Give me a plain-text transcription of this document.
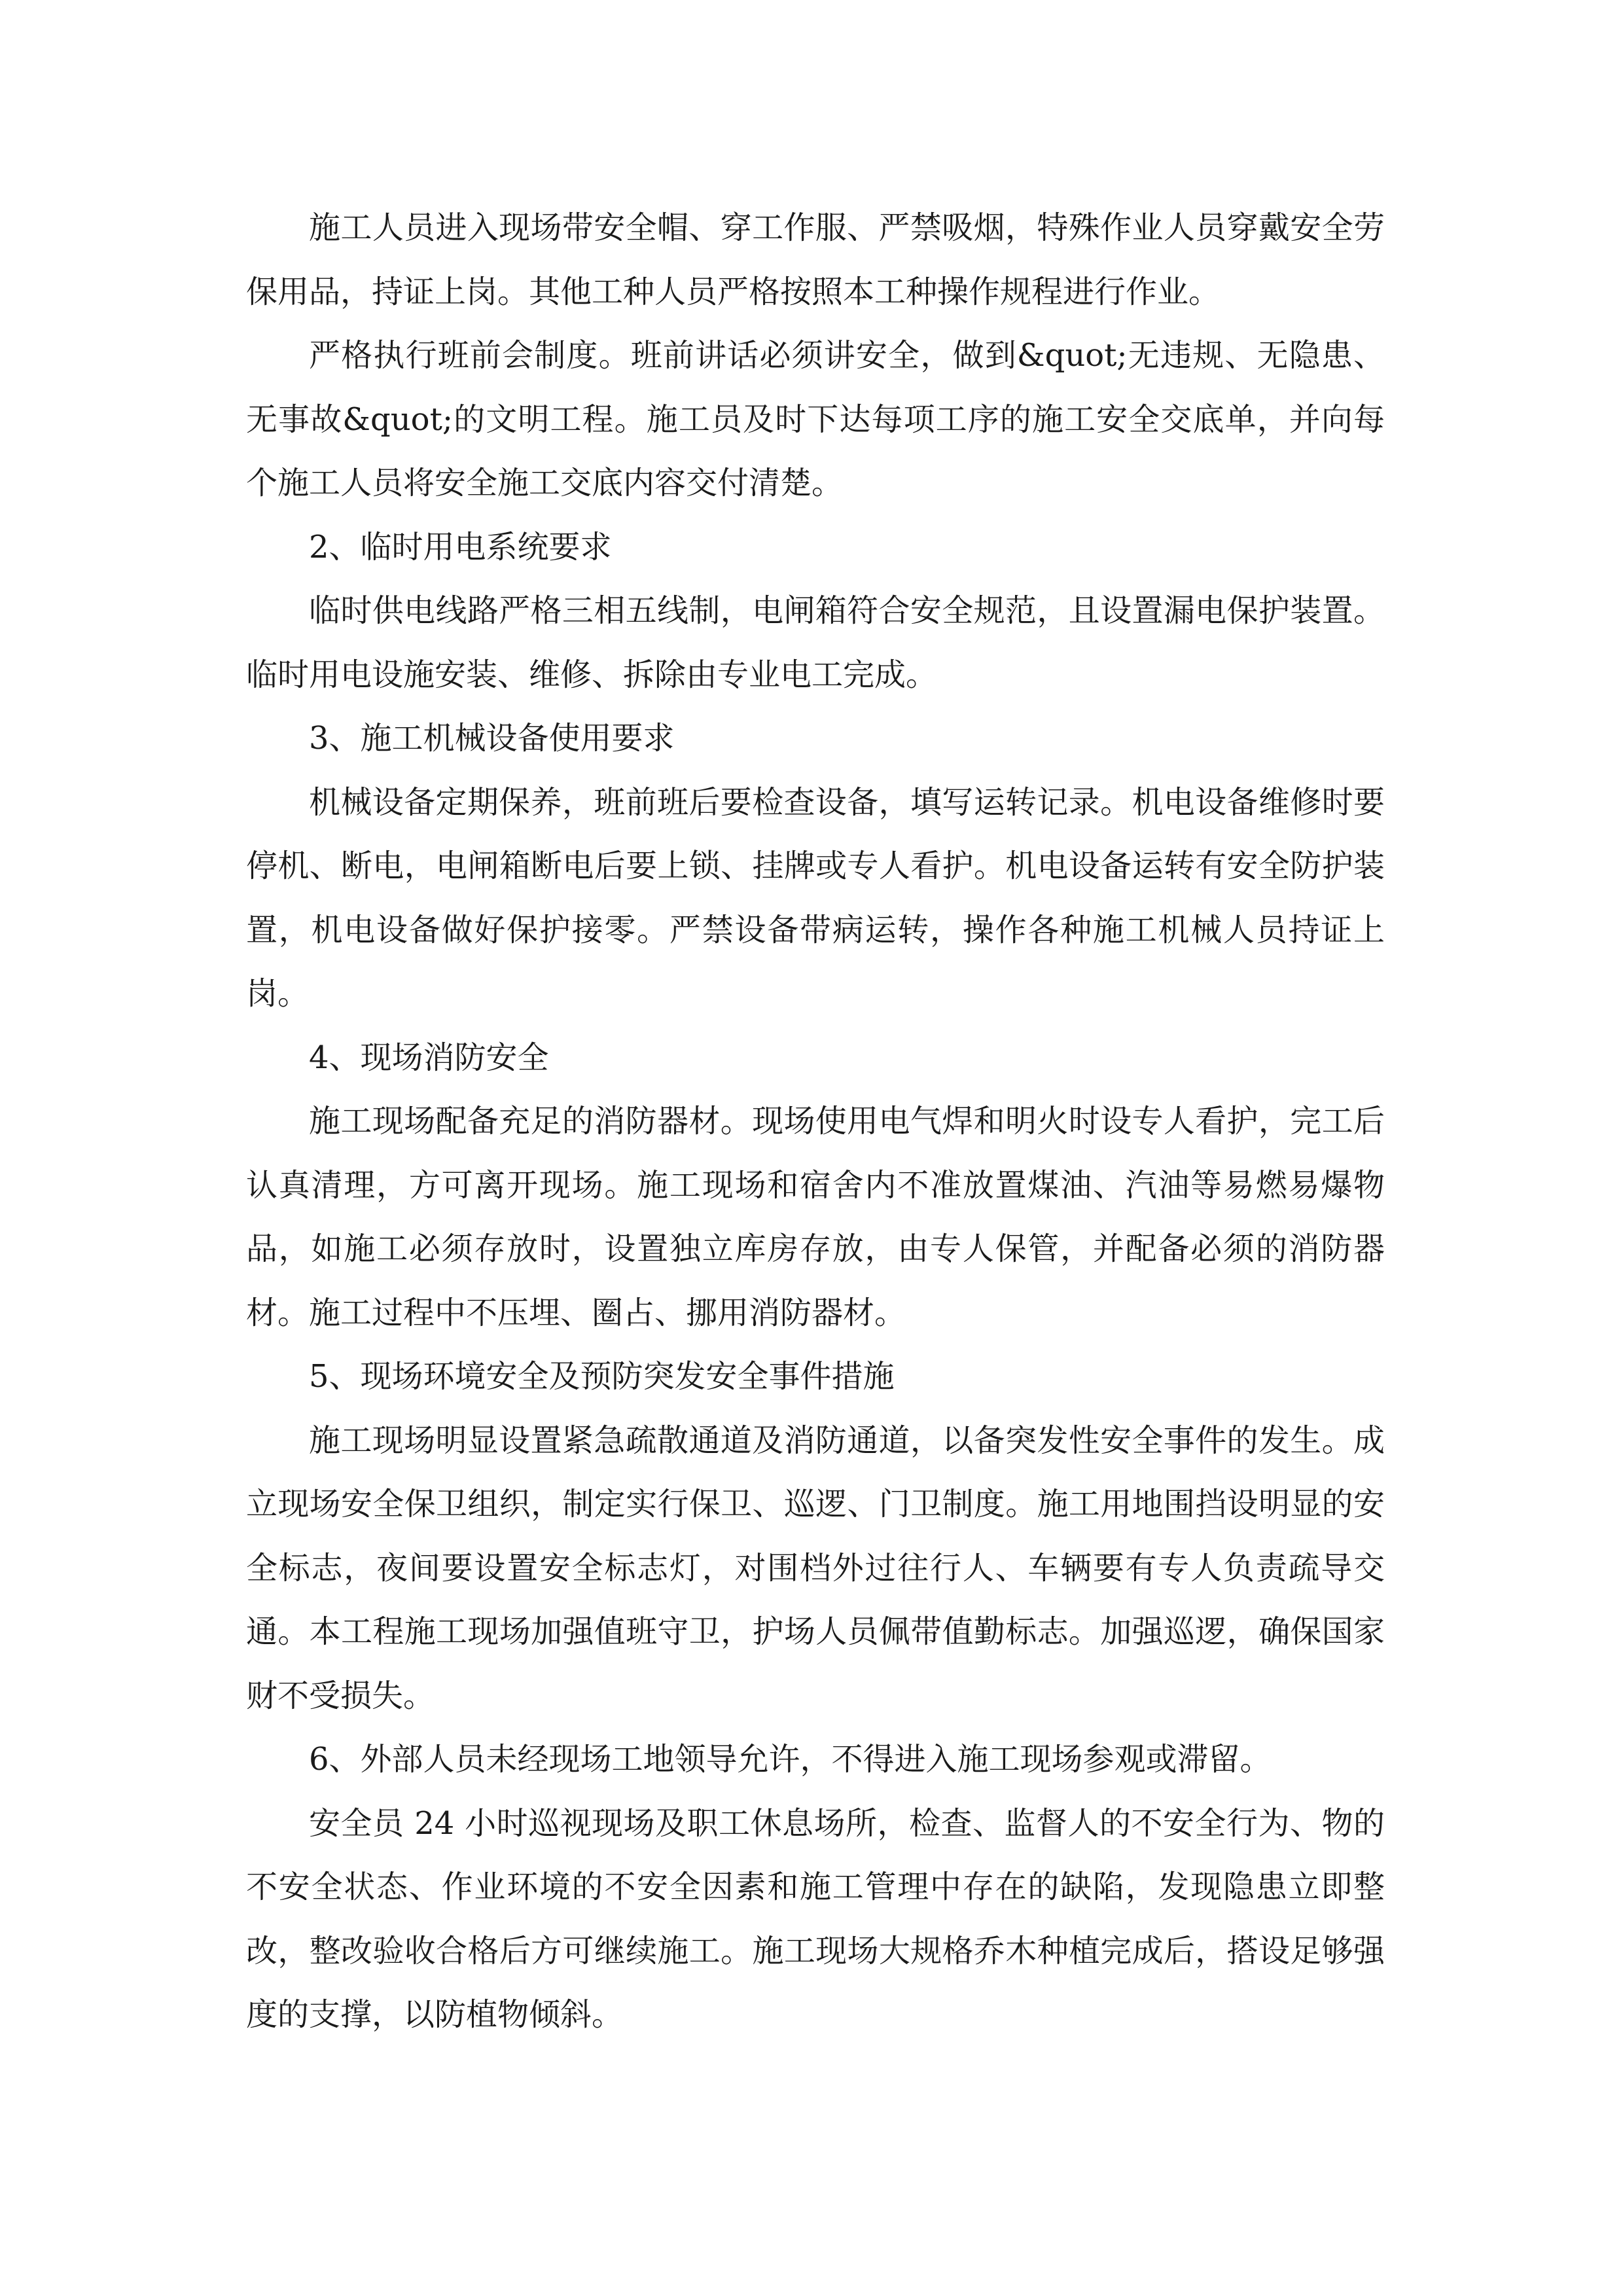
施工人员进入现场带安全帽、穿工作服、严禁吸烟，特殊作业人员穿戴安全劳保用品，持证上岗。其他工种人员严格按照本工种操作规程进行作业。

严格执行班前会制度。班前讲话必须讲安全，做到&quot;无违规、无隐患、无事故&quot;的文明工程。施工员及时下达每项工序的施工安全交底单，并向每个施工人员将安全施工交底内容交付清楚。

2、临时用电系统要求

临时供电线路严格三相五线制，电闸箱符合安全规范，且设置漏电保护装置。临时用电设施安装、维修、拆除由专业电工完成。

3、施工机械设备使用要求

机械设备定期保养，班前班后要检查设备，填写运转记录。机电设备维修时要停机、断电，电闸箱断电后要上锁、挂牌或专人看护。机电设备运转有安全防护装置，机电设备做好保护接零。严禁设备带病运转，操作各种施工机械人员持证上岗。

4、现场消防安全

施工现场配备充足的消防器材。现场使用电气焊和明火时设专人看护，完工后认真清理，方可离开现场。施工现场和宿舍内不准放置煤油、汽油等易燃易爆物品，如施工必须存放时，设置独立库房存放，由专人保管，并配备必须的消防器材。施工过程中不压埋、圈占、挪用消防器材。

5、现场环境安全及预防突发安全事件措施

施工现场明显设置紧急疏散通道及消防通道，以备突发性安全事件的发生。成立现场安全保卫组织，制定实行保卫、巡逻、门卫制度。施工用地围挡设明显的安全标志，夜间要设置安全标志灯，对围档外过往行人、车辆要有专人负责疏导交通。本工程施工现场加强值班守卫，护场人员佩带值勤标志。加强巡逻，确保国家财不受损失。

6、外部人员未经现场工地领导允许，不得进入施工现场参观或滞留。

安全员 24 小时巡视现场及职工休息场所，检查、监督人的不安全行为、物的不安全状态、作业环境的不安全因素和施工管理中存在的缺陷，发现隐患立即整改，整改验收合格后方可继续施工。施工现场大规格乔木种植完成后，搭设足够强度的支撑，以防植物倾斜。
